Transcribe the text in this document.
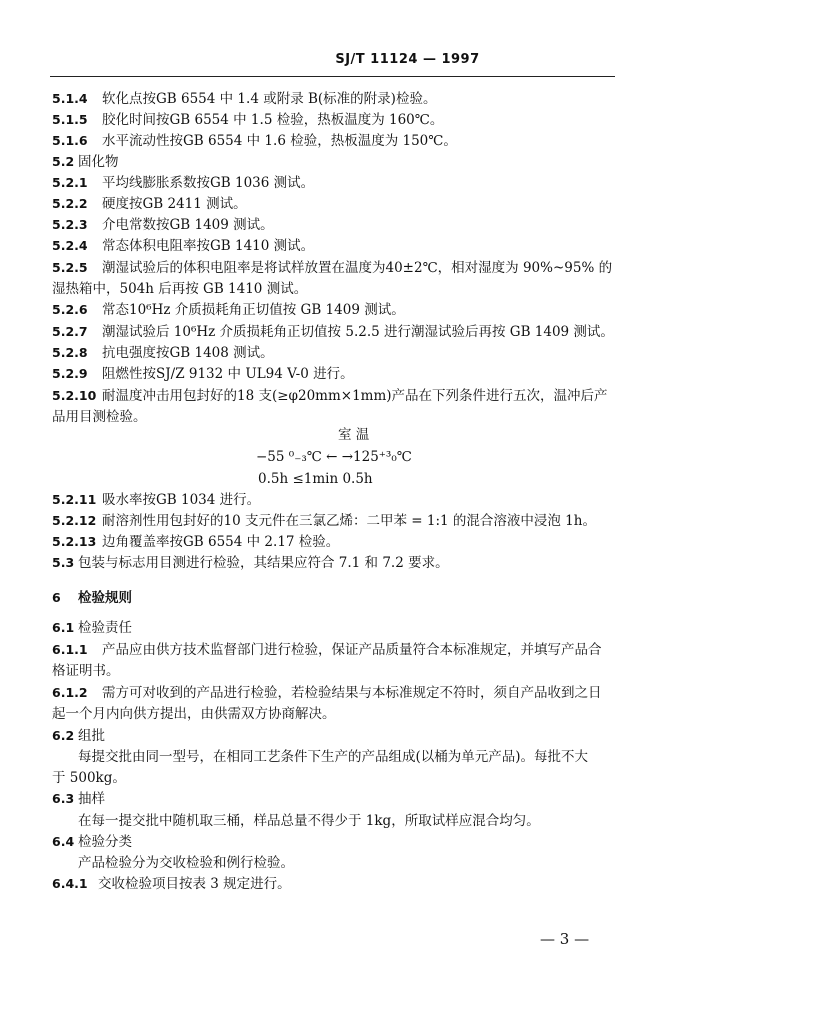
SJ/T 11124 — 1997
5.1.4 软化点按GB 6554 中 1.4 或附录 B(标准的附录)检验。
5.1.5 胶化时间按GB 6554 中 1.5 检验，热板温度为 160℃。
5.1.6 水平流动性按GB 6554 中 1.6 检验，热板温度为 150℃。
5.2 固化物
5.2.1 平均线膨胀系数按GB 1036 测试。
5.2.2 硬度按GB 2411 测试。
5.2.3 介电常数按GB 1409 测试。
5.2.4 常态体积电阻率按GB 1410 测试。
5.2.5 潮湿试验后的体积电阻率是将试样放置在温度为40±2℃，相对湿度为 90%~95% 的
湿热箱中，504h 后再按 GB 1410 测试。
5.2.6 常态10⁶Hz 介质损耗角正切值按 GB 1409 测试。
5.2.7 潮湿试验后 10⁶Hz 介质损耗角正切值按 5.2.5 进行潮湿试验后再按 GB 1409 测试。
5.2.8 抗电强度按GB 1408 测试。
5.2.9 阻燃性按SJ/Z 9132 中 UL94 V-0 进行。
5.2.10 耐温度冲击用包封好的18 支(≥φ20mm×1mm)产品在下列条件进行五次，温冲后产
品用目测检验。
室 温
−55 ⁰₋₃℃ ← →125⁺³₀℃
0.5h ≤1min 0.5h
5.2.11 吸水率按GB 1034 进行。
5.2.12 耐溶剂性用包封好的10 支元件在三氯乙烯：二甲苯 = 1:1 的混合溶液中浸泡 1h。
5.2.13 边角覆盖率按GB 6554 中 2.17 检验。
5.3 包装与标志用目测进行检验，其结果应符合 7.1 和 7.2 要求。
6 检验规则
6.1 检验责任
6.1.1 产品应由供方技术监督部门进行检验，保证产品质量符合本标准规定，并填写产品合
格证明书。
6.1.2 需方可对收到的产品进行检验，若检验结果与本标准规定不符时，须自产品收到之日
起一个月内向供方提出，由供需双方协商解决。
6.2 组批
每提交批由同一型号，在相同工艺条件下生产的产品组成(以桶为单元产品)。每批不大
于 500kg。
6.3 抽样
在每一提交批中随机取三桶，样品总量不得少于 1kg，所取试样应混合均匀。
6.4 检验分类
产品检验分为交收检验和例行检验。
6.4.1 交收检验项目按表 3 规定进行。
— 3 —
